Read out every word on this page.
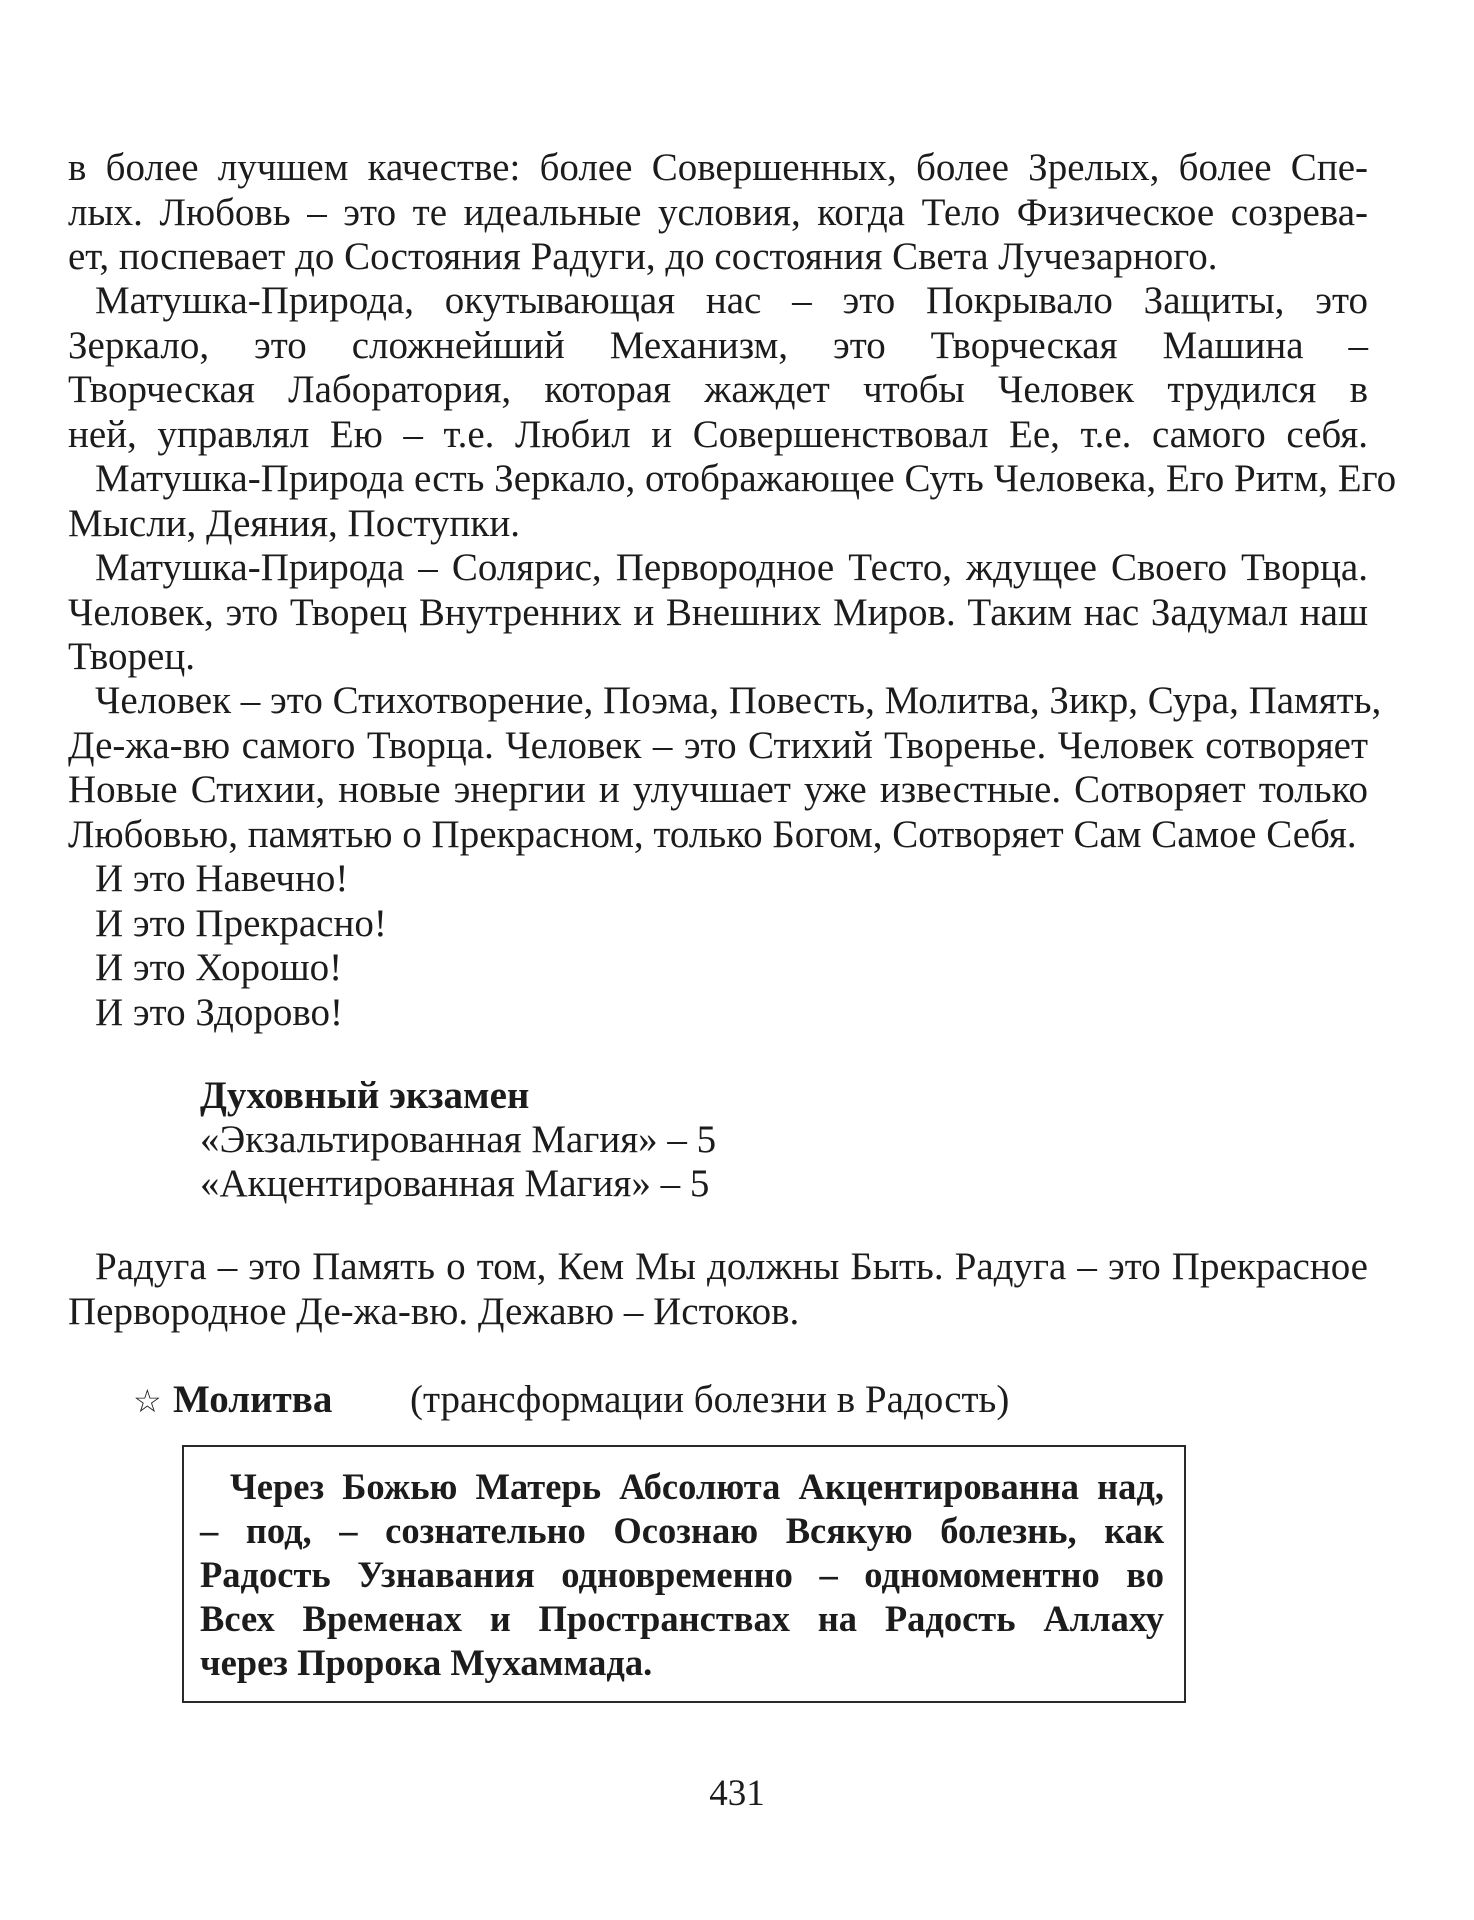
в более лучшем качестве: более Совершенных, более Зрелых, более Спе-
лых. Любовь – это те идеальные условия, когда Тело Физическое созрева-
ет, поспевает до Состояния Радуги, до состояния Света Лучезарного.

Матушка-Природа, окутывающая нас – это Покрывало Защиты, это
Зеркало, это сложнейший Механизм, это Творческая Машина –
Творческая Лаборатория, которая жаждет чтобы Человек трудился в
ней, управлял Ею – т.е. Любил и Совершенствовал Ее, т.е. самого себя.

Матушка-Природа есть Зеркало, отображающее Суть Человека, Его Ритм, Его
Мысли, Деяния, Поступки.

Матушка-Природа – Солярис, Первородное Тесто, ждущее Своего Творца.
Человек, это Творец Внутренних и Внешних Миров. Таким нас Задумал наш
Творец.

Человек – это Стихотворение, Поэма, Повесть, Молитва, Зикр, Сура, Память,
Де-жа-вю самого Творца. Человек – это Стихий Творенье. Человек сотворяет
Новые Стихии, новые энергии и улучшает уже известные. Сотворяет только
Любовью, памятью о Прекрасном, только Богом, Сотворяет Сам Самое Себя.

И это Навечно!

И это Прекрасно!

И это Хорошо!

И это Здорово!

Духовный экзамен

«Экзальтированная Магия» – 5

«Акцентированная Магия» – 5

Радуга – это Память о том, Кем Мы должны Быть. Радуга – это Прекрасное
Первородное Де-жа-вю. Дежавю – Истоков.

☆ Молитва (трансформации болезни в Радость)
Через Божью Матерь Абсолюта Акцентированна над,
– под, – сознательно Осознаю Всякую болезнь, как
Радость Узнавания одновременно – одномоментно во
Всех Временах и Пространствах на Радость Аллаху
через Пророка Мухаммада.
431
